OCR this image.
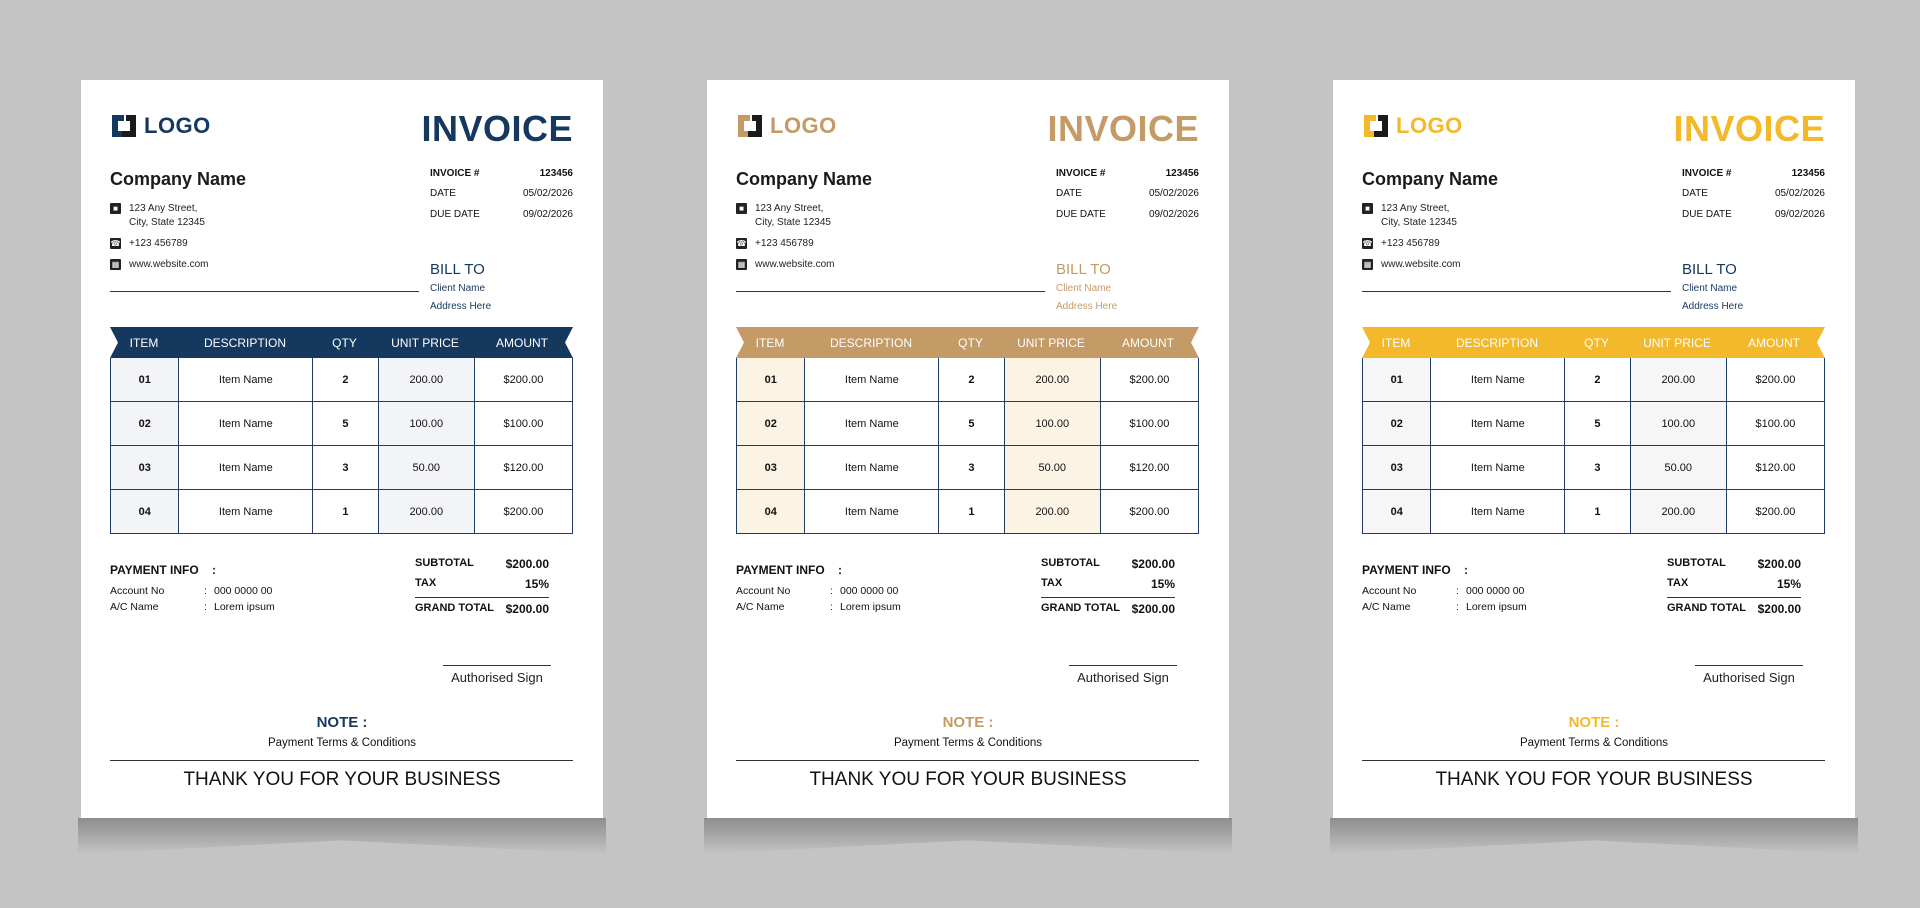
LOGO	INVOICE
Company Name
■	123 Any Street,
City, State 12345
☎ +123 456789
▦ www.website.com
INVOICE #	123456
DATE	05/02/2026
DUE DATE	09/02/2026
BILL TO
Client Name
Address Here
ITEM	DESCRIPTION	QTY	UNIT PRICE	AMOUNT
01	Item Name	2	200.00	$200.00
02	Item Name	5	100.00	$100.00
03	Item Name	3	50.00	$120.00
04	Item Name	1	200.00	$200.00
PAYMENT INFO :
Account No	: 000 0000 00
A/C Name	: Lorem ipsum
SUBTOTAL	$200.00
TAX	15%
GRAND TOTAL $200.00
Authorised Sign
NOTE :
Payment Terms & Conditions
THANK YOU FOR YOUR BUSINESS
LOGO	INVOICE
Company Name
■	123 Any Street,
City, State 12345
☎ +123 456789
▦ www.website.com
INVOICE #	123456
DATE	05/02/2026
DUE DATE	09/02/2026
BILL TO
Client Name
Address Here
ITEM	DESCRIPTION	QTY	UNIT PRICE	AMOUNT
01	Item Name	2	200.00	$200.00
02	Item Name	5	100.00	$100.00
03	Item Name	3	50.00	$120.00
04	Item Name	1	200.00	$200.00
PAYMENT INFO :
Account No	: 000 0000 00
A/C Name	: Lorem ipsum
SUBTOTAL	$200.00
TAX	15%
GRAND TOTAL $200.00
Authorised Sign
NOTE :
Payment Terms & Conditions
THANK YOU FOR YOUR BUSINESS
LOGO	INVOICE
Company Name
■	123 Any Street,
City, State 12345
☎ +123 456789
▦ www.website.com
INVOICE #	123456
DATE	05/02/2026
DUE DATE	09/02/2026
BILL TO
Client Name
Address Here
ITEM	DESCRIPTION	QTY	UNIT PRICE	AMOUNT
01	Item Name	2	200.00	$200.00
02	Item Name	5	100.00	$100.00
03	Item Name	3	50.00	$120.00
04	Item Name	1	200.00	$200.00
PAYMENT INFO :
Account No	: 000 0000 00
A/C Name	: Lorem ipsum
SUBTOTAL	$200.00
TAX	15%
GRAND TOTAL $200.00
Authorised Sign
NOTE :
Payment Terms & Conditions
THANK YOU FOR YOUR BUSINESS
